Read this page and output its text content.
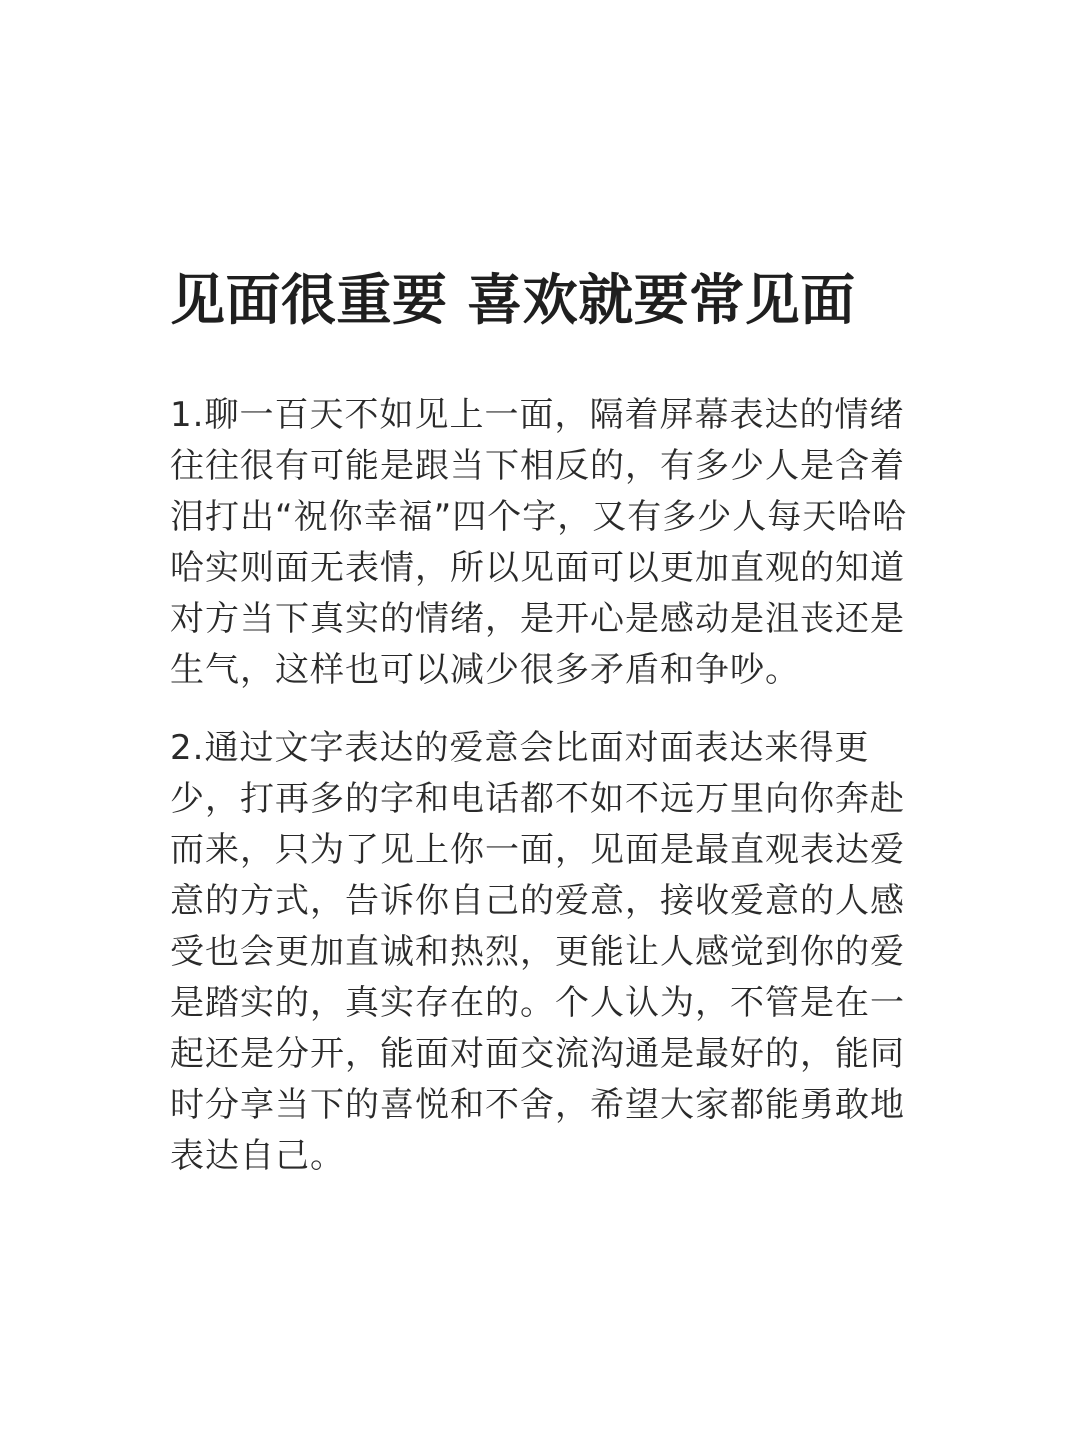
见面很重要 喜欢就要常见面

1.聊一百天不如见上一面，隔着屏幕表达的情绪
往往很有可能是跟当下相反的，有多少人是含着
泪打出“祝你幸福”四个字，又有多少人每天哈哈
哈实则面无表情，所以见面可以更加直观的知道
对方当下真实的情绪，是开心是感动是沮丧还是
生气，这样也可以减少很多矛盾和争吵。

2.通过文字表达的爱意会比面对面表达来得更
少，打再多的字和电话都不如不远万里向你奔赴
而来，只为了见上你一面，见面是最直观表达爱
意的方式，告诉你自己的爱意，接收爱意的人感
受也会更加直诚和热烈，更能让人感觉到你的爱
是踏实的，真实存在的。个人认为，不管是在一
起还是分开，能面对面交流沟通是最好的，能同
时分享当下的喜悦和不舍，希望大家都能勇敢地
表达自己。
